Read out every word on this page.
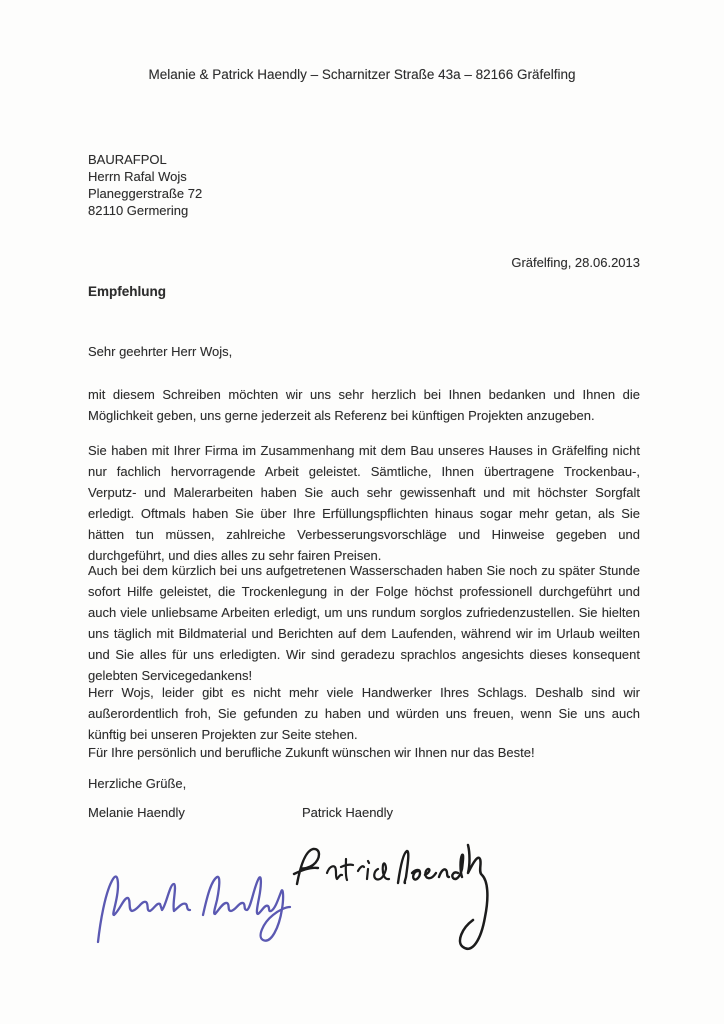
Melanie & Patrick Haendly – Scharnitzer Straße 43a – 82166 Gräfelfing
BAURAFPOL
Herrn Rafal Wojs
Planeggerstraße 72
82110 Germering
Gräfelfing, 28.06.2013
Empfehlung
Sehr geehrter Herr Wojs,

mit diesem Schreiben möchten wir uns sehr herzlich bei Ihnen bedanken und Ihnen die Möglichkeit geben, uns gerne jederzeit als Referenz bei künftigen Projekten anzugeben.

Sie haben mit Ihrer Firma im Zusammenhang mit dem Bau unseres Hauses in Gräfelfing nicht nur fachlich hervorragende Arbeit geleistet. Sämtliche, Ihnen übertragene Trockenbau-, Verputz- und Malerarbeiten haben Sie auch sehr gewissenhaft und mit höchster Sorgfalt erledigt. Oftmals haben Sie über Ihre Erfüllungspflichten hinaus sogar mehr getan, als Sie hätten tun müssen, zahlreiche Verbesserungsvorschläge und Hinweise gegeben und durchgeführt, und dies alles zu sehr fairen Preisen.

Auch bei dem kürzlich bei uns aufgetretenen Wasserschaden haben Sie noch zu später Stunde sofort Hilfe geleistet, die Trockenlegung in der Folge höchst professionell durchgeführt und auch viele unliebsame Arbeiten erledigt, um uns rundum sorglos zufriedenzustellen. Sie hielten uns täglich mit Bildmaterial und Berichten auf dem Laufenden, während wir im Urlaub weilten und Sie alles für uns erledigten. Wir sind geradezu sprachlos angesichts dieses konsequent gelebten Servicegedankens!

Herr Wojs, leider gibt es nicht mehr viele Handwerker Ihres Schlags. Deshalb sind wir außerordentlich froh, Sie gefunden zu haben und würden uns freuen, wenn Sie uns auch künftig bei unseren Projekten zur Seite stehen.

Für Ihre persönlich und berufliche Zukunft wünschen wir Ihnen nur das Beste!

Herzliche Grüße,
Melanie Haendly	Patrick Haendly
